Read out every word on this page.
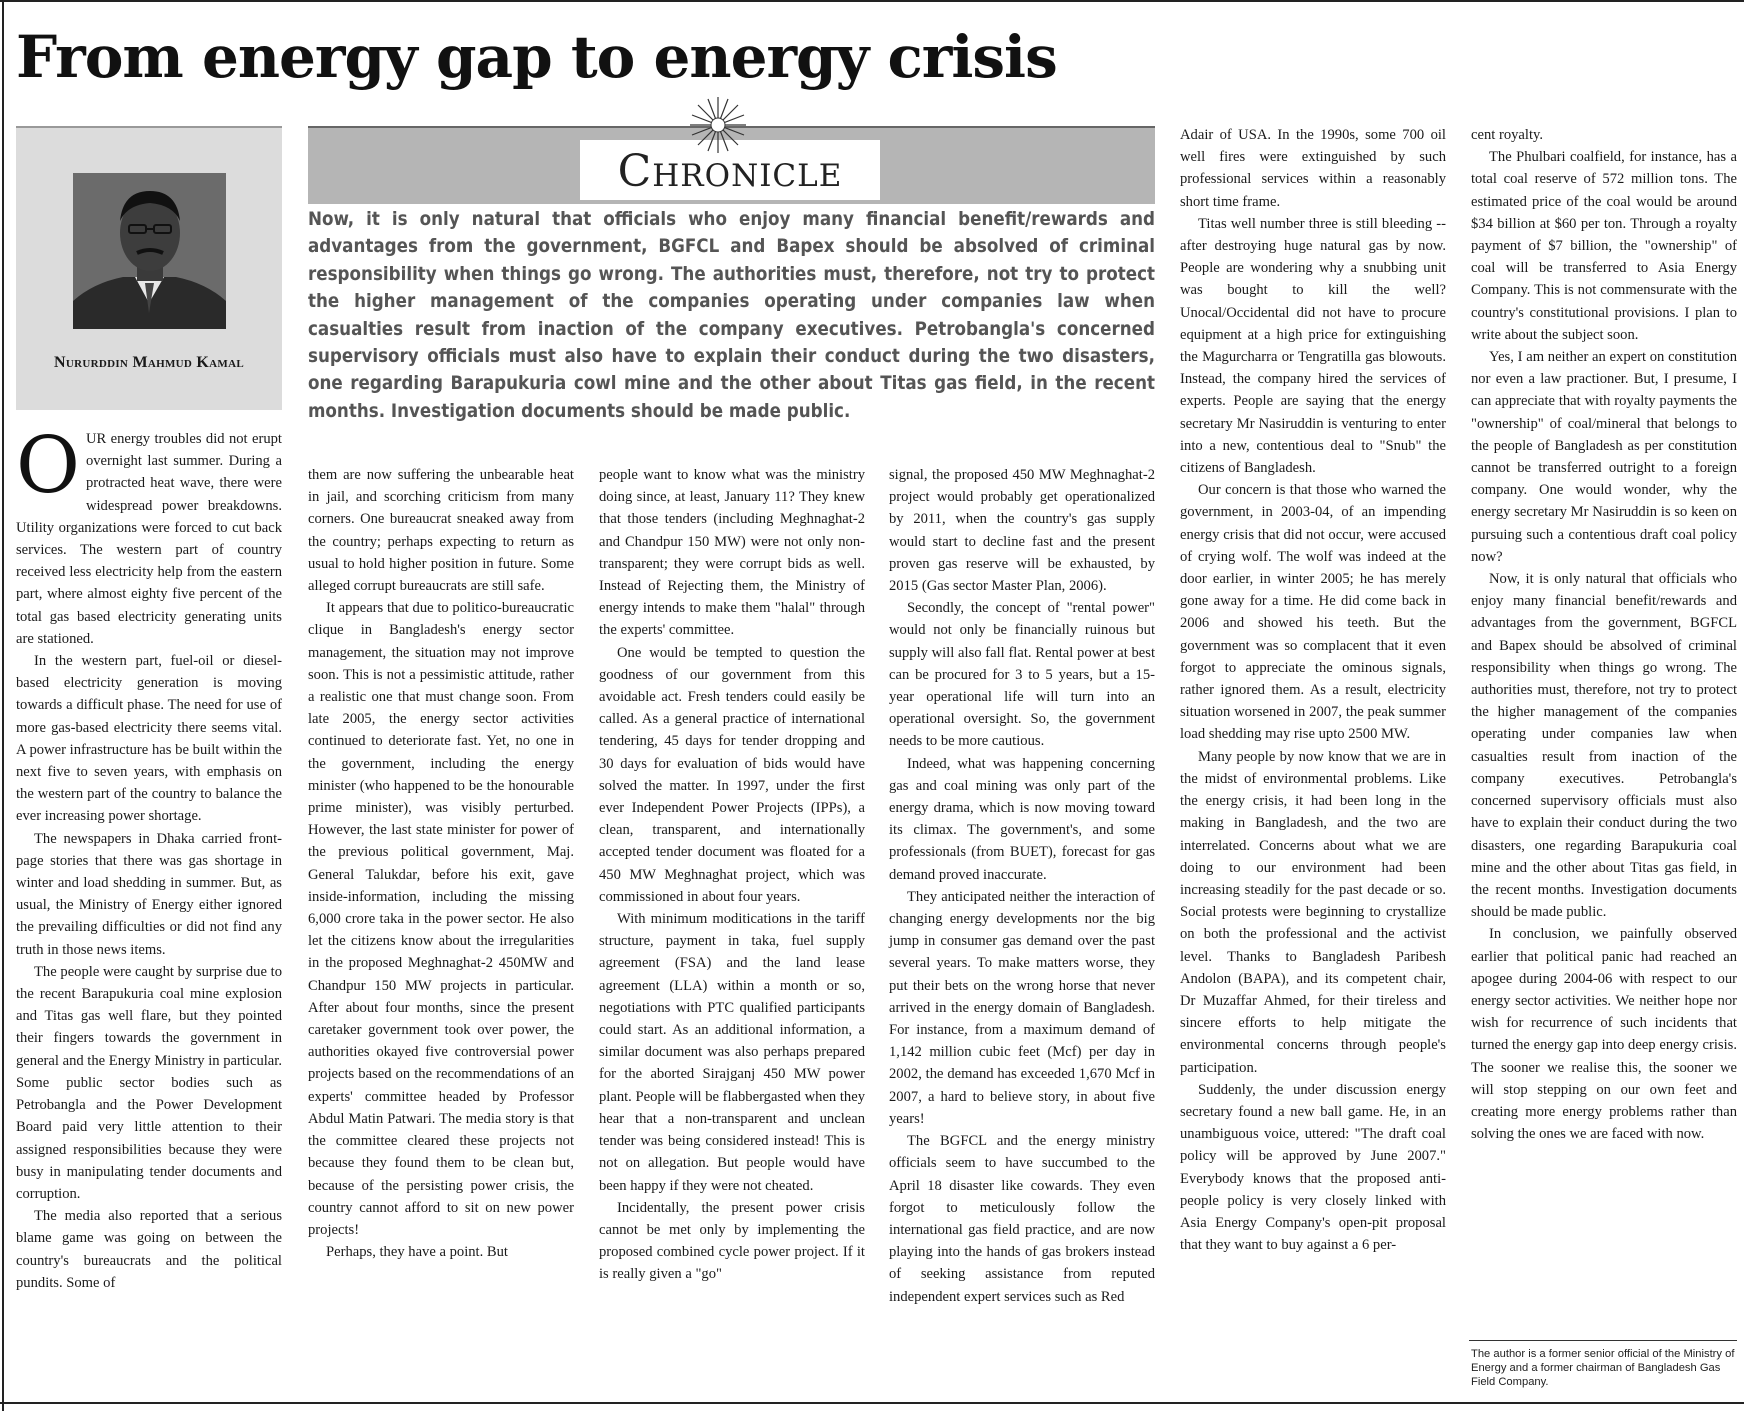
From energy gap to energy crisis

Nururddin Mahmud Kamal

Chronicle

Now, it is only natural that officials who enjoy many financial benefit/rewards and advantages from the government, BGFCL and Bapex should be absolved of criminal responsibility when things go wrong. The authorities must, therefore, not try to protect the higher management of the companies operating under companies law when casualties result from inaction of the company executives. Petrobangla's concerned supervisory officials must also have to explain their conduct during the two disasters, one regarding Barapukuria cowl mine and the other about Titas gas field, in the recent months. Investigation documents should be made public.

OUR energy troubles did not erupt overnight last summer. During a protracted heat wave, there were widespread power breakdowns. Utility organizations were forced to cut back services. The western part of country received less electricity help from the eastern part, where almost eighty five percent of the total gas based electricity generating units are stationed.

In the western part, fuel-oil or diesel-based electricity generation is moving towards a difficult phase. The need for use of more gas-based electricity there seems vital. A power infrastructure has be built within the next five to seven years, with emphasis on the western part of the country to balance the ever increasing power shortage.

The newspapers in Dhaka carried front-page stories that there was gas shortage in winter and load shedding in summer. But, as usual, the Ministry of Energy either ignored the prevailing difficulties or did not find any truth in those news items.

The people were caught by surprise due to the recent Barapukuria coal mine explosion and Titas gas well flare, but they pointed their fingers towards the government in general and the Energy Ministry in particular. Some public sector bodies such as Petrobangla and the Power Development Board paid very little attention to their assigned responsibilities because they were busy in manipulating tender documents and corruption.

The media also reported that a serious blame game was going on between the country's bureaucrats and the political pundits. Some of

them are now suffering the unbearable heat in jail, and scorching criticism from many corners. One bureaucrat sneaked away from the country; perhaps expecting to return as usual to hold higher position in future. Some alleged corrupt bureaucrats are still safe.

It appears that due to politico-bureaucratic clique in Bangladesh's energy sector management, the situation may not improve soon. This is not a pessimistic attitude, rather a realistic one that must change soon. From late 2005, the energy sector activities continued to deteriorate fast. Yet, no one in the government, including the energy minister (who happened to be the honourable prime minister), was visibly perturbed. However, the last state minister for power of the previous political government, Maj. General Talukdar, before his exit, gave inside-information, including the missing 6,000 crore taka in the power sector. He also let the citizens know about the irregularities in the proposed Meghnaghat-2 450MW and Chandpur 150 MW projects in particular. After about four months, since the present caretaker government took over power, the authorities okayed five controversial power projects based on the recommendations of an experts' committee headed by Professor Abdul Matin Patwari. The media story is that the committee cleared these projects not because they found them to be clean but, because of the persisting power crisis, the country cannot afford to sit on new power projects!

Perhaps, they have a point. But

people want to know what was the ministry doing since, at least, January 11? They knew that those tenders (including Meghnaghat-2 and Chandpur 150 MW) were not only non-transparent; they were corrupt bids as well. Instead of Rejecting them, the Ministry of energy intends to make them "halal" through the experts' committee.

One would be tempted to question the goodness of our government from this avoidable act. Fresh tenders could easily be called. As a general practice of international tendering, 45 days for tender dropping and 30 days for evaluation of bids would have solved the matter. In 1997, under the first ever Independent Power Projects (IPPs), a clean, transparent, and internationally accepted tender document was floated for a 450 MW Meghnaghat project, which was commissioned in about four years.

With minimum moditications in the tariff structure, payment in taka, fuel supply agreement (FSA) and the land lease agreement (LLA) within a month or so, negotiations with PTC qualified participants could start. As an additional information, a similar document was also perhaps prepared for the aborted Sirajganj 450 MW power plant. People will be flabbergasted when they hear that a non-transparent and unclean tender was being considered instead! This is not on allegation. But people would have been happy if they were not cheated.

Incidentally, the present power crisis cannot be met only by implementing the proposed combined cycle power project. If it is really given a "go"

signal, the proposed 450 MW Meghnaghat-2 project would probably get operationalized by 2011, when the country's gas supply would start to decline fast and the present proven gas reserve will be exhausted, by 2015 (Gas sector Master Plan, 2006).

Secondly, the concept of "rental power" would not only be financially ruinous but supply will also fall flat. Rental power at best can be procured for 3 to 5 years, but a 15-year operational life will turn into an operational oversight. So, the government needs to be more cautious.

Indeed, what was happening concerning gas and coal mining was only part of the energy drama, which is now moving toward its climax. The government's, and some professionals (from BUET), forecast for gas demand proved inaccurate.

They anticipated neither the interaction of changing energy developments nor the big jump in consumer gas demand over the past several years. To make matters worse, they put their bets on the wrong horse that never arrived in the energy domain of Bangladesh. For instance, from a maximum demand of 1,142 million cubic feet (Mcf) per day in 2002, the demand has exceeded 1,670 Mcf in 2007, a hard to believe story, in about five years!

The BGFCL and the energy ministry officials seem to have succumbed to the April 18 disaster like cowards. They even forgot to meticulously follow the international gas field practice, and are now playing into the hands of gas brokers instead of seeking assistance from reputed independent expert services such as Red

Adair of USA. In the 1990s, some 700 oil well fires were extinguished by such professional services within a reasonably short time frame.

Titas well number three is still bleeding -- after destroying huge natural gas by now. People are wondering why a snubbing unit was bought to kill the well? Unocal/Occidental did not have to procure equipment at a high price for extinguishing the Magurcharra or Tengratilla gas blowouts. Instead, the company hired the services of experts. People are saying that the energy secretary Mr Nasiruddin is venturing to enter into a new, contentious deal to "Snub" the citizens of Bangladesh.

Our concern is that those who warned the government, in 2003-04, of an impending energy crisis that did not occur, were accused of crying wolf. The wolf was indeed at the door earlier, in winter 2005; he has merely gone away for a time. He did come back in 2006 and showed his teeth. But the government was so complacent that it even forgot to appreciate the ominous signals, rather ignored them. As a result, electricity situation worsened in 2007, the peak summer load shedding may rise upto 2500 MW.

Many people by now know that we are in the midst of environmental problems. Like the energy crisis, it had been long in the making in Bangladesh, and the two are interrelated. Concerns about what we are doing to our environment had been increasing steadily for the past decade or so. Social protests were beginning to crystallize on both the professional and the activist level. Thanks to Bangladesh Paribesh Andolon (BAPA), and its competent chair, Dr Muzaffar Ahmed, for their tireless and sincere efforts to help mitigate the environmental concerns through people's participation.

Suddenly, the under discussion energy secretary found a new ball game. He, in an unambiguous voice, uttered: "The draft coal policy will be approved by June 2007." Everybody knows that the proposed anti-people policy is very closely linked with Asia Energy Company's open-pit proposal that they want to buy against a 6 per-

cent royalty.

The Phulbari coalfield, for instance, has a total coal reserve of 572 million tons. The estimated price of the coal would be around $34 billion at $60 per ton. Through a royalty payment of $7 billion, the "ownership" of coal will be transferred to Asia Energy Company. This is not commensurate with the country's constitutional provisions. I plan to write about the subject soon.

Yes, I am neither an expert on constitution nor even a law practioner. But, I presume, I can appreciate that with royalty payments the "ownership" of coal/mineral that belongs to the people of Bangladesh as per constitution cannot be transferred outright to a foreign company. One would wonder, why the energy secretary Mr Nasiruddin is so keen on pursuing such a contentious draft coal policy now?

Now, it is only natural that officials who enjoy many financial benefit/rewards and advantages from the government, BGFCL and Bapex should be absolved of criminal responsibility when things go wrong. The authorities must, therefore, not try to protect the higher management of the companies operating under companies law when casualties result from inaction of the company executives. Petrobangla's concerned supervisory officials must also have to explain their conduct during the two disasters, one regarding Barapukuria coal mine and the other about Titas gas field, in the recent months. Investigation documents should be made public.

In conclusion, we painfully observed earlier that political panic had reached an apogee during 2004-06 with respect to our energy sector activities. We neither hope nor wish for recurrence of such incidents that turned the energy gap into deep energy crisis. The sooner we realise this, the sooner we will stop stepping on our own feet and creating more energy problems rather than solving the ones we are faced with now.

The author is a former senior official of the Ministry of Energy and a former chairman of Bangladesh Gas Field Company.
